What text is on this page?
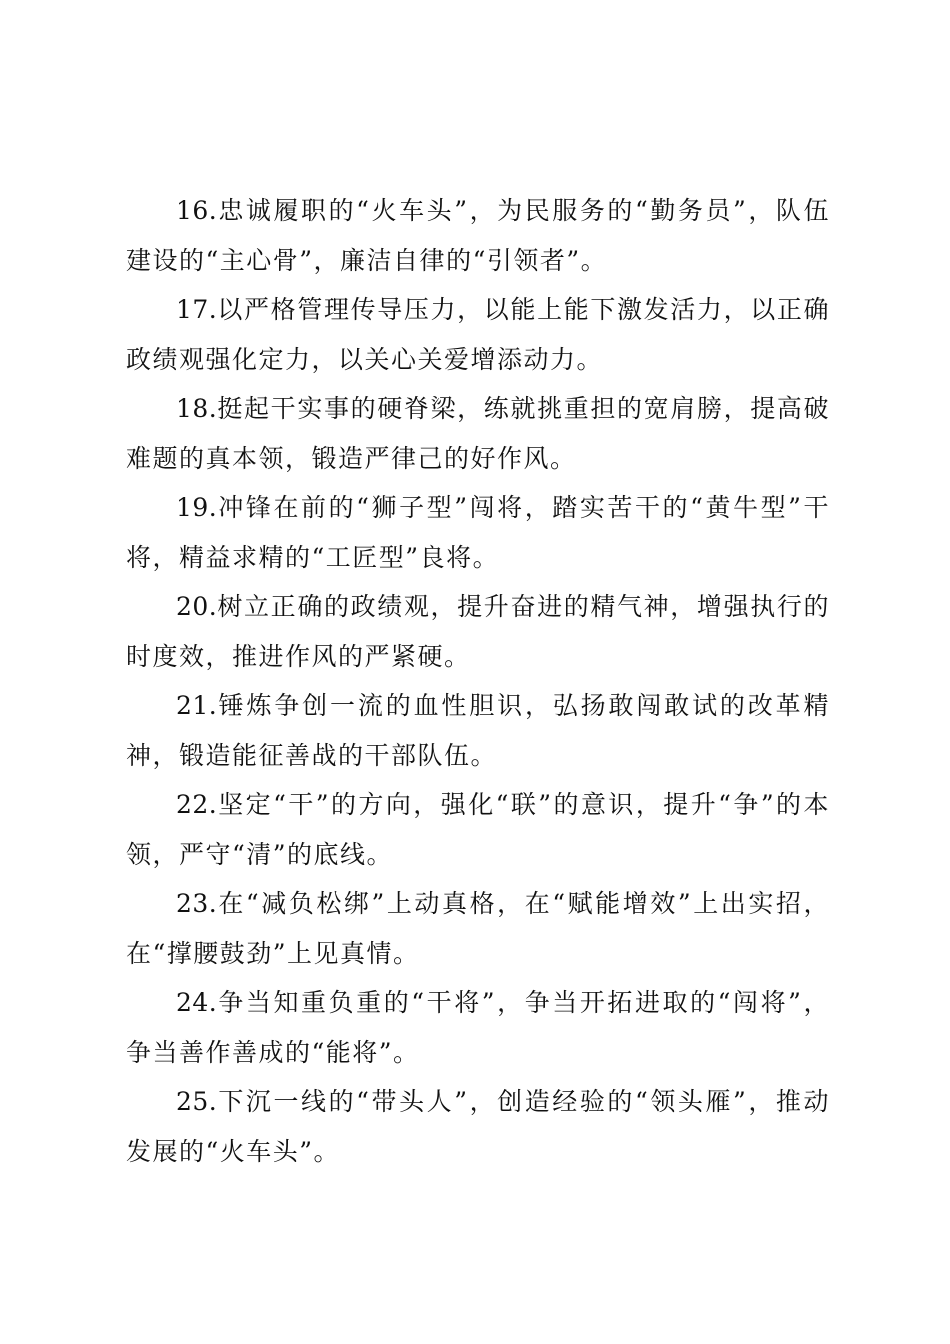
16.忠诚履职的“火车头”，为民服务的“勤务员”，队伍建设的“主心骨”，廉洁自律的“引领者”。

17.以严格管理传导压力，以能上能下激发活力，以正确政绩观强化定力，以关心关爱增添动力。

18.挺起干实事的硬脊梁，练就挑重担的宽肩膀，提高破难题的真本领，锻造严律己的好作风。

19.冲锋在前的“狮子型”闯将，踏实苦干的“黄牛型”干将，精益求精的“工匠型”良将。

20.树立正确的政绩观，提升奋进的精气神，增强执行的时度效，推进作风的严紧硬。

21.锤炼争创一流的血性胆识，弘扬敢闯敢试的改革精神，锻造能征善战的干部队伍。

22.坚定“干”的方向，强化“联”的意识，提升“争”的本领，严守“清”的底线。

23.在“减负松绑”上动真格，在“赋能增效”上出实招，在“撑腰鼓劲”上见真情。

24.争当知重负重的“干将”，争当开拓进取的“闯将”，争当善作善成的“能将”。

25.下沉一线的“带头人”，创造经验的“领头雁”，推动发展的“火车头”。
